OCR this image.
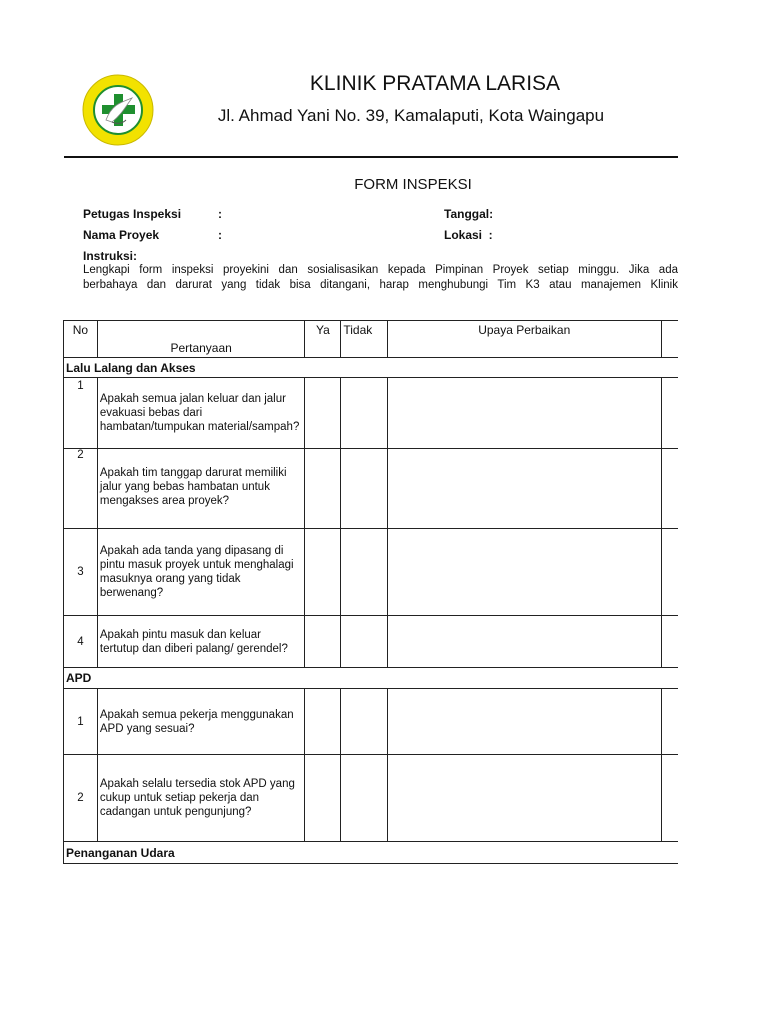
KLINIK PRATAMA LARISA
Jl. Ahmad Yani No. 39, Kamalaputi, Kota Waingapu
FORM INSPEKSI
Petugas Inspeksi	:
Nama Proyek	:
Tanggal:
Lokasi  :
Instruksi:
Lengkapi form inspeksi proyekini dan sosialisasikan kepada Pimpinan Proyek setiap minggu. Jika ada
berbahaya dan darurat yang tidak bisa ditangani, harap menghubungi Tim K3 atau manajemen Klinik
No	Pertanyaan	Ya	Tidak	Upaya Perbaikan	
Lalu Lalang dan Akses					
1	Apakah semua jalan keluar dan jalur evakuasi bebas dari hambatan/tumpukan material/sampah?				
2	Apakah tim tanggap darurat memiliki jalur yang bebas hambatan untuk mengakses area proyek?				
3	Apakah ada tanda yang dipasang di pintu masuk proyek untuk menghalagi masuknya orang yang tidak berwenang?				
4	Apakah pintu masuk dan keluar tertutup dan diberi palang/ gerendel?				
APD					
1	Apakah semua pekerja menggunakan APD yang sesuai?				
2	Apakah selalu tersedia stok APD yang cukup untuk setiap pekerja dan cadangan untuk pengunjung?				
Penanganan Udara					
